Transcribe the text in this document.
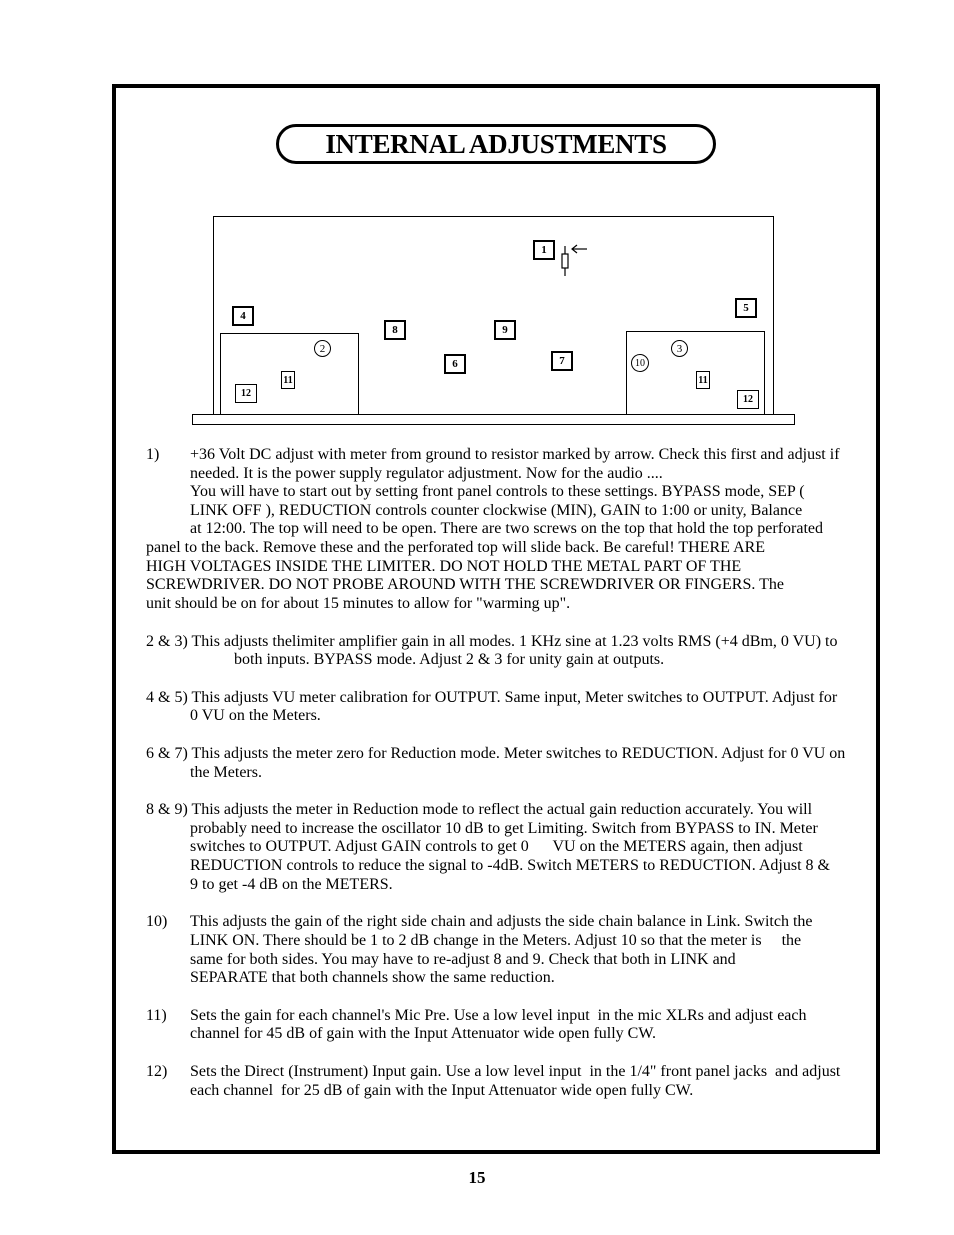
INTERNAL ADJUSTMENTS
1
4
5
8	9
6	7
2	3
10
11	11
12
12
1) +36 Volt DC adjust with meter from ground to resistor marked by arrow. Check this first and adjust if
needed. It is the power supply regulator adjustment. Now for the audio ....
You will have to start out by setting front panel controls to these settings. BYPASS mode, SEP (
LINK OFF ), REDUCTION controls counter clockwise (MIN), GAIN to 1:00 or unity, Balance
at 12:00. The top will need to be open. There are two screws on the top that hold the top perforated
panel to the back. Remove these and the perforated top will slide back. Be careful! THERE ARE
HIGH VOLTAGES INSIDE THE LIMITER. DO NOT HOLD THE METAL PART OF THE
SCREWDRIVER. DO NOT PROBE AROUND WITH THE SCREWDRIVER OR FINGERS. The
unit should be on for about 15 minutes to allow for "warming up".
2 & 3) This adjusts thelimiter amplifier gain in all modes. 1 KHz sine at 1.23 volts RMS (+4 dBm, 0 VU) to
both inputs. BYPASS mode. Adjust 2 & 3 for unity gain at outputs.
4 & 5) This adjusts VU meter calibration for OUTPUT. Same input, Meter switches to OUTPUT. Adjust for
0 VU on the Meters.
6 & 7) This adjusts the meter zero for Reduction mode. Meter switches to REDUCTION. Adjust for 0 VU on
the Meters.
8 & 9) This adjusts the meter in Reduction mode to reflect the actual gain reduction accurately. You will
probably need to increase the oscillator 10 dB to get Limiting. Switch from BYPASS to IN. Meter
switches to OUTPUT. Adjust GAIN controls to get 0      VU on the METERS again, then adjust
REDUCTION controls to reduce the signal to -4dB. Switch METERS to REDUCTION. Adjust 8 &
9 to get -4 dB on the METERS.
10) This adjusts the gain of the right side chain and adjusts the side chain balance in Link. Switch the
LINK ON. There should be 1 to 2 dB change in the Meters. Adjust 10 so that the meter is     the
same for both sides. You may have to re-adjust 8 and 9. Check that both in LINK and
SEPARATE that both channels show the same reduction.
11) Sets the gain for each channel's Mic Pre. Use a low level input  in the mic XLRs and adjust each
channel for 45 dB of gain with the Input Attenuator wide open fully CW.
12) Sets the Direct (Instrument) Input gain. Use a low level input  in the 1/4" front panel jacks  and adjust
each channel  for 25 dB of gain with the Input Attenuator wide open fully CW.
15
